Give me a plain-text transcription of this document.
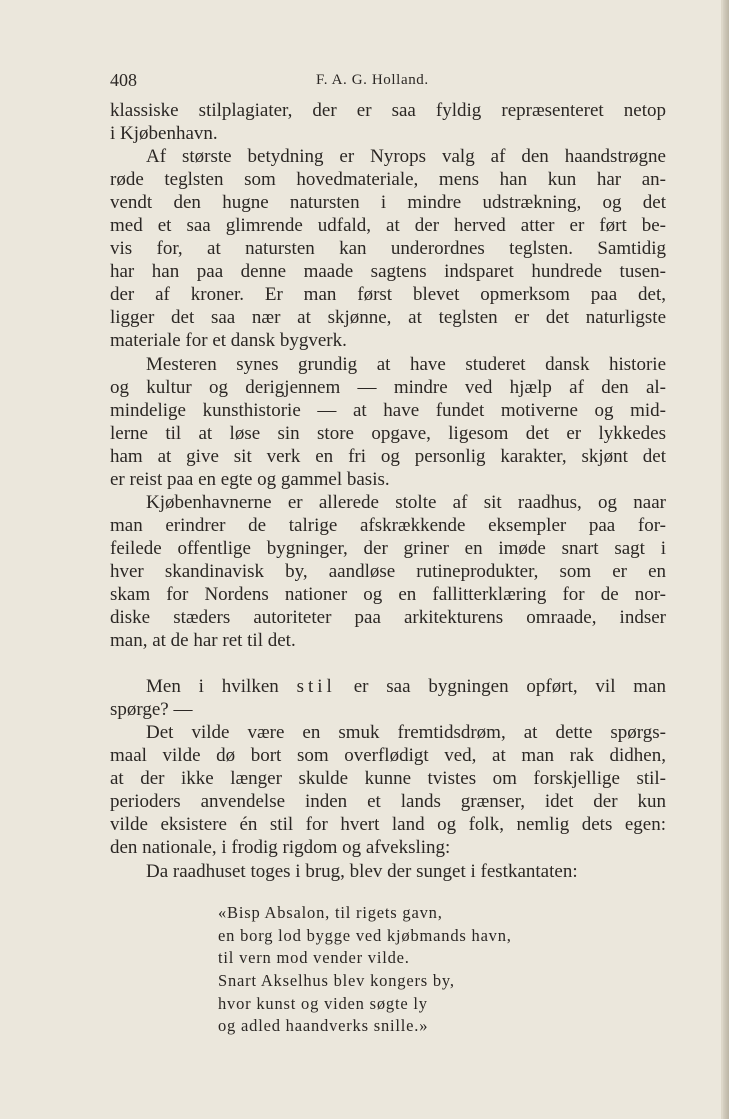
408	F. A. G. Holland.
klassiske stilplagiater, der er saa fyldig repræsenteret netop
i Kjøbenhavn.
Af største betydning er Nyrops valg af den haandstrøgne
røde teglsten som hovedmateriale, mens han kun har an-
vendt den hugne natursten i mindre udstrækning, og det
med et saa glimrende udfald, at der herved atter er ført be-
vis for, at natursten kan underordnes teglsten. Samtidig
har han paa denne maade sagtens indsparet hundrede tusen-
der af kroner. Er man først blevet opmerksom paa det,
ligger det saa nær at skjønne, at teglsten er det naturligste
materiale for et dansk bygverk.
Mesteren synes grundig at have studeret dansk historie
og kultur og derigjennem — mindre ved hjælp af den al-
mindelige kunsthistorie — at have fundet motiverne og mid-
lerne til at løse sin store opgave, ligesom det er lykkedes
ham at give sit verk en fri og personlig karakter, skjønt det
er reist paa en egte og gammel basis.
Kjøbenhavnerne er allerede stolte af sit raadhus, og naar
man erindrer de talrige afskrækkende eksempler paa for-
feilede offentlige bygninger, der griner en imøde snart sagt i
hver skandinavisk by, aandløse rutineprodukter, som er en
skam for Nordens nationer og en fallitterklæring for de nor-
diske stæders autoriteter paa arkitekturens omraade, indser
man, at de har ret til det.
Men i hvilken stil er saa bygningen opført, vil man
spørge? —
Det vilde være en smuk fremtidsdrøm, at dette spørgs-
maal vilde dø bort som overflødigt ved, at man rak didhen,
at der ikke længer skulde kunne tvistes om forskjellige stil-
perioders anvendelse inden et lands grænser, idet der kun
vilde eksistere én stil for hvert land og folk, nemlig dets egen:
den nationale, i frodig rigdom og afveksling:
Da raadhuset toges i brug, blev der sunget i festkantaten:
«Bisp Absalon, til rigets gavn,
en borg lod bygge ved kjøbmands havn,
til vern mod vender vilde.
Snart Akselhus blev kongers by,
hvor kunst og viden søgte ly
og adled haandverks snille.»
